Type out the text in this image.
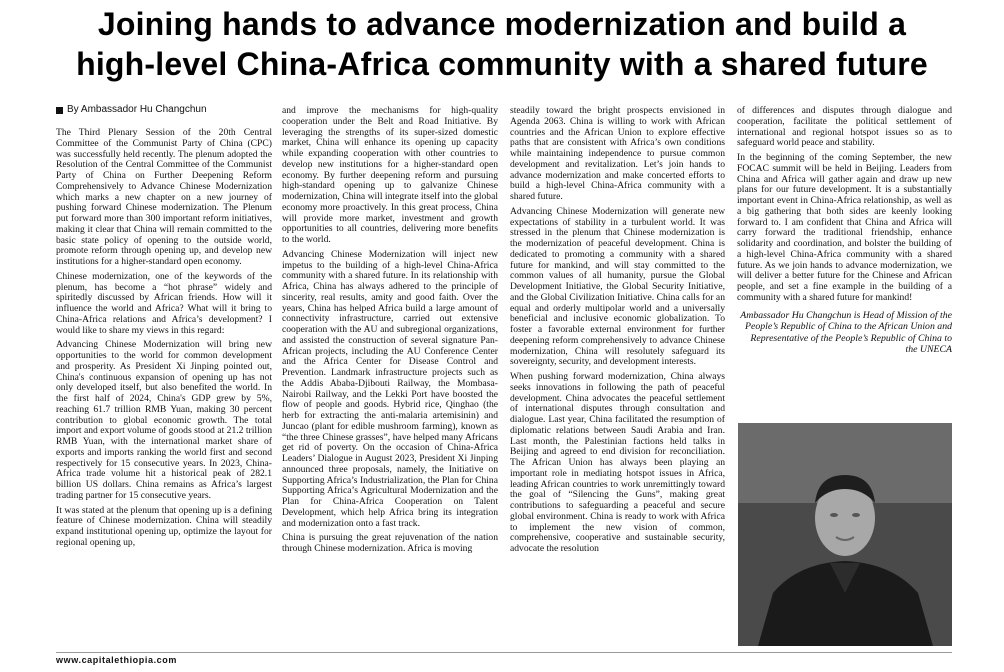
Joining hands to advance modernization and build a
high-level China-Africa community with a shared future
By Ambassador Hu Changchun

The Third Plenary Session of the 20th Central Committee of the Communist Party of China (CPC) was successfully held recently. The plenum adopted the Resolution of the Central Committee of the Communist Party of China on Further Deepening Reform Comprehensively to Advance Chinese Modernization which marks a new chapter on a new journey of pushing forward Chinese modernization. The Plenum put forward more than 300 important reform initiatives, making it clear that China will remain committed to the basic state policy of opening to the outside world, promote reform through opening up, and develop new institutions for a higher-standard open economy.

Chinese modernization, one of the keywords of the plenum, has become a “hot phrase” widely and spiritedly discussed by African friends. How will it influence the world and Africa? What will it bring to China-Africa relations and Africa’s development? I would like to share my views in this regard:

Advancing Chinese Modernization will bring new opportunities to the world for common development and prosperity. As President Xi Jinping pointed out, China's continuous expansion of opening up has not only developed itself, but also benefited the world. In the first half of 2024, China's GDP grew by 5%, reaching 61.7 trillion RMB Yuan, making 30 percent contribution to global economic growth. The total import and export volume of goods stood at 21.2 trillion RMB Yuan, with the international market share of exports and imports ranking the world first and second respectively for 15 consecutive years. In 2023, China-Africa trade volume hit a historical peak of 282.1 billion US dollars. China remains as Africa’s largest trading partner for 15 consecutive years.

It was stated at the plenum that opening up is a defining feature of Chinese modernization. China will steadily expand institutional opening up, optimize the layout for regional opening up,

and improve the mechanisms for high-quality cooperation under the Belt and Road Initiative. By leveraging the strengths of its super-sized domestic market, China will enhance its opening up capacity while expanding cooperation with other countries to develop new institutions for a higher-standard open economy. By further deepening reform and pursuing high-standard opening up to galvanize Chinese modernization, China will integrate itself into the global economy more proactively. In this great process, China will provide more market, investment and growth opportunities to all countries, delivering more benefits to the world.

Advancing Chinese Modernization will inject new impetus to the building of a high-level China-Africa community with a shared future. In its relationship with Africa, China has always adhered to the principle of sincerity, real results, amity and good faith. Over the years, China has helped Africa build a large amount of connectivity infrastructure, carried out extensive cooperation with the AU and subregional organizations, and assisted the construction of several signature Pan-African projects, including the AU Conference Center and the Africa Center for Disease Control and Prevention. Landmark infrastructure projects such as the Addis Ababa-Djibouti Railway, the Mombasa-Nairobi Railway, and the Lekki Port have boosted the flow of people and goods. Hybrid rice, Qinghao (the herb for extracting the anti-malaria artemisinin) and Juncao (plant for edible mushroom farming), known as “the three Chinese grasses”, have helped many Africans get rid of poverty. On the occasion of China-Africa Leaders’ Dialogue in August 2023, President Xi Jinping announced three proposals, namely, the Initiative on Supporting Africa’s Industrialization, the Plan for China Supporting Africa’s Agricultural Modernization and the Plan for China-Africa Cooperation on Talent Development, which help Africa bring its integration and modernization onto a fast track.

China is pursuing the great rejuvenation of the nation through Chinese modernization. Africa is moving

steadily toward the bright prospects envisioned in Agenda 2063. China is willing to work with African countries and the African Union to explore effective paths that are consistent with Africa’s own conditions while maintaining independence to pursue common development and revitalization. Let’s join hands to advance modernization and make concerted efforts to build a high-level China-Africa community with a shared future.

Advancing Chinese Modernization will generate new expectations of stability in a turbulent world. It was stressed in the plenum that Chinese modernization is the modernization of peaceful development. China is dedicated to promoting a community with a shared future for mankind, and will stay committed to the common values of all humanity, pursue the Global Development Initiative, the Global Security Initiative, and the Global Civilization Initiative. China calls for an equal and orderly multipolar world and a universally beneficial and inclusive economic globalization. To foster a favorable external environment for further deepening reform comprehensively to advance Chinese modernization, China will resolutely safeguard its sovereignty, security, and development interests.

When pushing forward modernization, China always seeks innovations in following the path of peaceful development. China advocates the peaceful settlement of international disputes through consultation and dialogue. Last year, China facilitated the resumption of diplomatic relations between Saudi Arabia and Iran. Last month, the Palestinian factions held talks in Beijing and agreed to end division for reconciliation. The African Union has always been playing an important role in mediating hotspot issues in Africa, leading African countries to work unremittingly toward the goal of “Silencing the Guns”, making great contributions to safeguarding a peaceful and secure global environment. China is ready to work with Africa to implement the new vision of common, comprehensive, cooperative and sustainable security, advocate the resolution

of differences and disputes through dialogue and cooperation, facilitate the political settlement of international and regional hotspot issues so as to safeguard world peace and stability.

In the beginning of the coming September, the new FOCAC summit will be held in Beijing. Leaders from China and Africa will gather again and draw up new plans for our future development. It is a substantially important event in China-Africa relationship, as well as a big gathering that both sides are keenly looking forward to. I am confident that China and Africa will carry forward the traditional friendship, enhance solidarity and coordination, and bolster the building of a high-level China-Africa community with a shared future. As we join hands to advance modernization, we will deliver a better future for the Chinese and African people, and set a fine example in the building of a community with a shared future for mankind!

Ambassador Hu Changchun is Head of Mission of the People’s Republic of China to the African Union and Representative of the People’s Republic of China to the UNECA
www.capitalethiopia.com
